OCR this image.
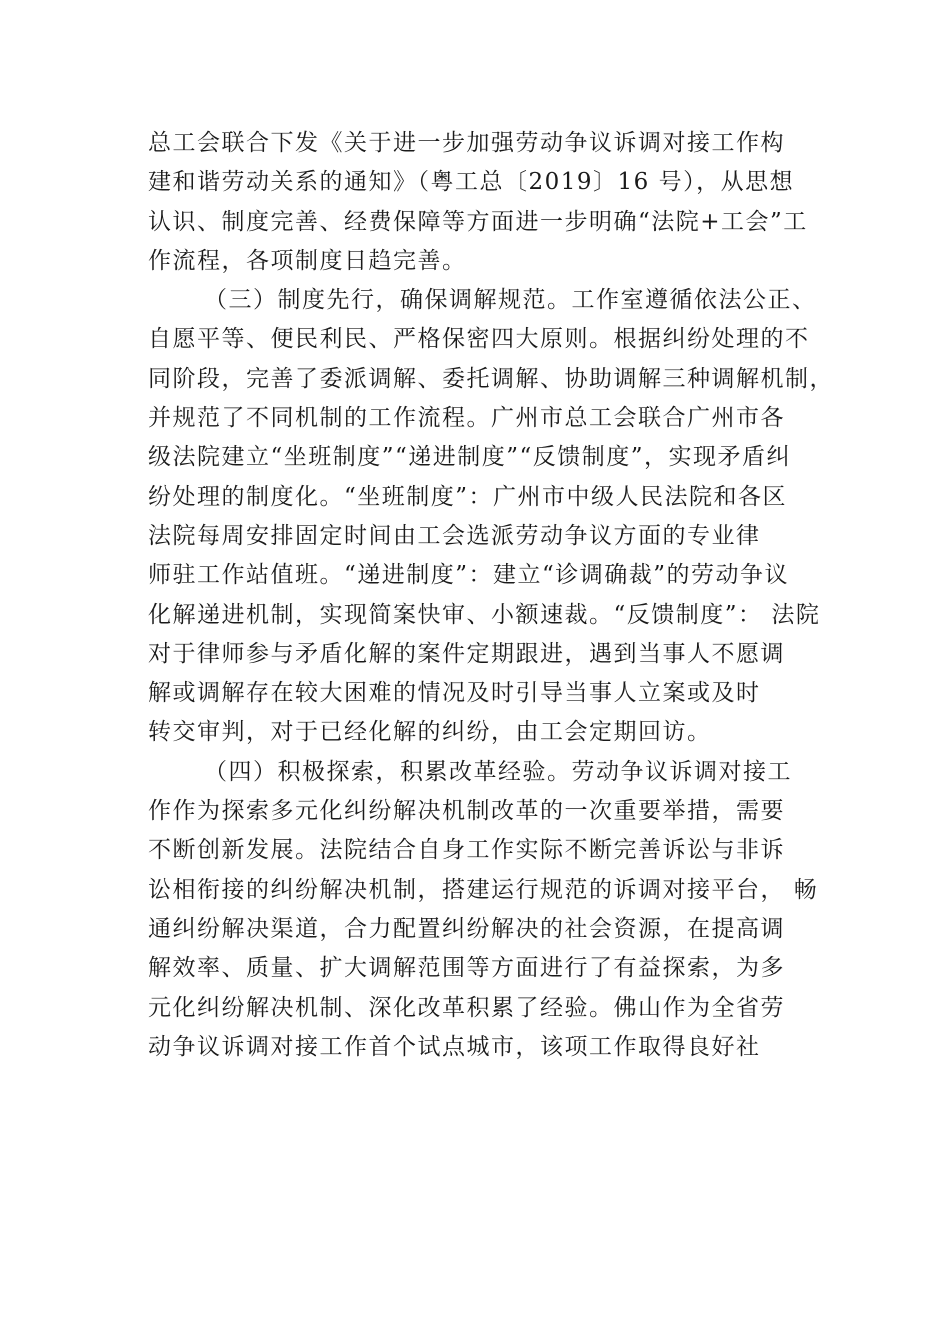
总工会联合下发《关于进一步加强劳动争议诉调对接工作构
建和谐劳动关系的通知》（粤工总〔2019〕16 号），从思想
认识、制度完善、经费保障等方面进一步明确“法院+工会”工
作流程，各项制度日趋完善。
（三）制度先行，确保调解规范。工作室遵循依法公正、
自愿平等、便民利民、严格保密四大原则。根据纠纷处理的不
同阶段，完善了委派调解、委托调解、协助调解三种调解机制，
并规范了不同机制的工作流程。广州市总工会联合广州市各
级法院建立“坐班制度”“递进制度”“反馈制度”，实现矛盾纠
纷处理的制度化。“坐班制度”：广州市中级人民法院和各区
法院每周安排固定时间由工会选派劳动争议方面的专业律
师驻工作站值班。“递进制度”：建立“诊调确裁”的劳动争议
化解递进机制，实现简案快审、小额速裁。“反馈制度”： 法院
对于律师参与矛盾化解的案件定期跟进，遇到当事人不愿调
解或调解存在较大困难的情况及时引导当事人立案或及时
转交审判，对于已经化解的纠纷，由工会定期回访。
（四）积极探索，积累改革经验。劳动争议诉调对接工
作作为探索多元化纠纷解决机制改革的一次重要举措，需要
不断创新发展。法院结合自身工作实际不断完善诉讼与非诉
讼相衔接的纠纷解决机制，搭建运行规范的诉调对接平台， 畅
通纠纷解决渠道，合力配置纠纷解决的社会资源，在提高调
解效率、质量、扩大调解范围等方面进行了有益探索，为多
元化纠纷解决机制、深化改革积累了经验。佛山作为全省劳
动争议诉调对接工作首个试点城市，该项工作取得良好社
